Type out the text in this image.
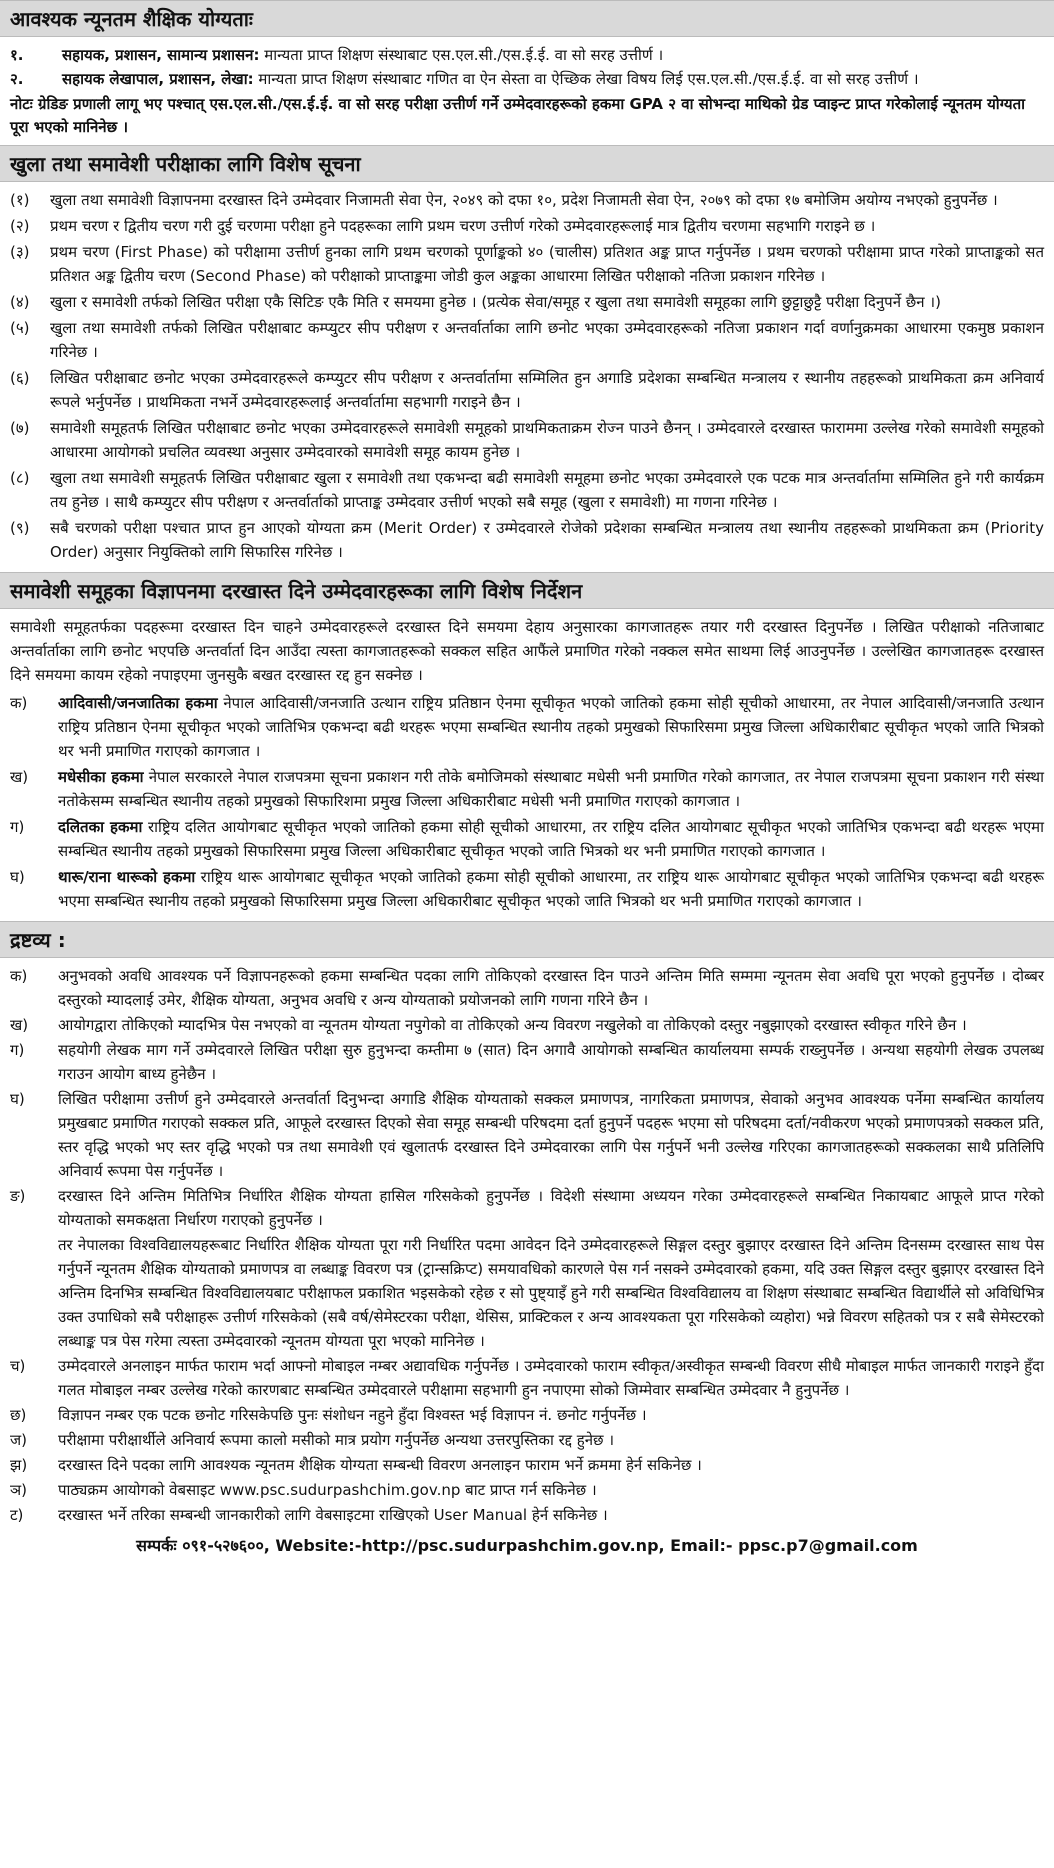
आवश्यक न्यूनतम शैक्षिक योग्यताः
१.	सहायक, प्रशासन, सामान्य प्रशासन: मान्यता प्राप्त शिक्षण संस्थाबाट एस.एल.सी./एस.ई.ई. वा सो सरह उत्तीर्ण ।
२.	सहायक लेखापाल, प्रशासन, लेखा: मान्यता प्राप्त शिक्षण संस्थाबाट गणित वा ऐन सेस्ता वा ऐच्छिक लेखा विषय लिई एस.एल.सी./एस.ई.ई. वा सो सरह उत्तीर्ण ।
नोटः ग्रेडिङ प्रणाली लागू भए पश्चात् एस.एल.सी./एस.ई.ई. वा सो सरह परीक्षा उत्तीर्ण गर्ने उम्मेदवारहरूको हकमा GPA २ वा सोभन्दा माथिको ग्रेड प्वाइन्ट प्राप्त गरेकोलाई न्यूनतम योग्यता पूरा भएको मानिनेछ ।
खुला तथा समावेशी परीक्षाका लागि विशेष सूचना
(१)	खुला तथा समावेशी विज्ञापनमा दरखास्त दिने उम्मेदवार निजामती सेवा ऐन, २०४९ को दफा १०, प्रदेश निजामती सेवा ऐन, २०७९ को दफा १७ बमोजिम अयोग्य नभएको हुनुपर्नेछ ।
(२)	प्रथम चरण र द्वितीय चरण गरी दुई चरणमा परीक्षा हुने पदहरूका लागि प्रथम चरण उत्तीर्ण गरेको उम्मेदवारहरूलाई मात्र द्वितीय चरणमा सहभागि गराइने छ ।
(३)	प्रथम चरण (First Phase) को परीक्षामा उत्तीर्ण हुनका लागि प्रथम चरणको पूर्णाङ्कको ४० (चालीस) प्रतिशत अङ्क प्राप्त गर्नुपर्नेछ । प्रथम चरणको परीक्षामा प्राप्त गरेको प्राप्ताङ्कको सत प्रतिशत अङ्क द्वितीय चरण (Second Phase) को परीक्षाको प्राप्ताङ्कमा जोडी कुल अङ्कका आधारमा लिखित परीक्षाको नतिजा प्रकाशन गरिनेछ ।
(४)	खुला र समावेशी तर्फको लिखित परीक्षा एकै सिटिङ एकै मिति र समयमा हुनेछ । (प्रत्येक सेवा/समूह र खुला तथा समावेशी समूहका लागि छुट्टाछुट्टै परीक्षा दिनुपर्ने छैन ।)
(५)	खुला तथा समावेशी तर्फको लिखित परीक्षाबाट कम्प्युटर सीप परीक्षण र अन्तर्वार्ताका लागि छनोट भएका उम्मेदवारहरूको नतिजा प्रकाशन गर्दा वर्णानुक्रमका आधारमा एकमुष्ठ प्रकाशन गरिनेछ ।
(६)	लिखित परीक्षाबाट छनोट भएका उम्मेदवारहरूले कम्प्युटर सीप परीक्षण र अन्तर्वार्तामा सम्मिलित हुन अगाडि प्रदेशका सम्बन्धित मन्त्रालय र स्थानीय तहहरूको प्राथमिकता क्रम अनिवार्य रूपले भर्नुपर्नेछ । प्राथमिकता नभर्ने उम्मेदवारहरूलाई अन्तर्वार्तामा सहभागी गराइने छैन ।
(७)	समावेशी समूहतर्फ लिखित परीक्षाबाट छनोट भएका उम्मेदवारहरूले समावेशी समूहको प्राथमिकताक्रम रोज्न पाउने छैनन् । उम्मेदवारले दरखास्त फाराममा उल्लेख गरेको समावेशी समूहको आधारमा आयोगको प्रचलित व्यवस्था अनुसार उम्मेदवारको समावेशी समूह कायम हुनेछ ।
(८)	खुला तथा समावेशी समूहतर्फ लिखित परीक्षाबाट खुला र समावेशी तथा एकभन्दा बढी समावेशी समूहमा छनोट भएका उम्मेदवारले एक पटक मात्र अन्तर्वार्तामा सम्मिलित हुने गरी कार्यक्रम तय हुनेछ । साथै कम्प्युटर सीप परीक्षण र अन्तर्वार्ताको प्राप्ताङ्क उम्मेदवार उत्तीर्ण भएको सबै समूह (खुला र समावेशी) मा गणना गरिनेछ ।
(९)	सबै चरणको परीक्षा पश्चात प्राप्त हुन आएको योग्यता क्रम (Merit Order) र उम्मेदवारले रोजेको प्रदेशका सम्बन्धित मन्त्रालय तथा स्थानीय तहहरूको प्राथमिकता क्रम (Priority Order) अनुसार नियुक्तिको लागि सिफारिस गरिनेछ ।
समावेशी समूहका विज्ञापनमा दरखास्त दिने उम्मेदवारहरूका लागि विशेष निर्देशन
समावेशी समूहतर्फका पदहरूमा दरखास्त दिन चाहने उम्मेदवारहरूले दरखास्त दिने समयमा देहाय अनुसारका कागजातहरू तयार गरी दरखास्त दिनुपर्नेछ । लिखित परीक्षाको नतिजाबाट अन्तर्वार्ताका लागि छनोट भएपछि अन्तर्वार्ता दिन आउँदा त्यस्ता कागजातहरूको सक्कल सहित आफैंले प्रमाणित गरेको नक्कल समेत साथमा लिई आउनुपर्नेछ । उल्लेखित कागजातहरू दरखास्त दिने समयमा कायम रहेको नपाइएमा जुनसुकै बखत दरखास्त रद्द हुन सक्नेछ ।
क)	आदिवासी/जनजातिका हकमा नेपाल आदिवासी/जनजाति उत्थान राष्ट्रिय प्रतिष्ठान ऐनमा सूचीकृत भएको जातिको हकमा सोही सूचीको आधारमा, तर नेपाल आदिवासी/जनजाति उत्थान राष्ट्रिय प्रतिष्ठान ऐनमा सूचीकृत भएको जातिभित्र एकभन्दा बढी थरहरू भएमा सम्बन्धित स्थानीय तहको प्रमुखको सिफारिसमा प्रमुख जिल्ला अधिकारीबाट सूचीकृत भएको जाति भित्रको थर भनी प्रमाणित गराएको कागजात ।
ख)	मधेसीका हकमा नेपाल सरकारले नेपाल राजपत्रमा सूचना प्रकाशन गरी तोके बमोजिमको संस्थाबाट मधेसी भनी प्रमाणित गरेको कागजात, तर नेपाल राजपत्रमा सूचना प्रकाशन गरी संस्था नतोकेसम्म सम्बन्धित स्थानीय तहको प्रमुखको सिफारिशमा प्रमुख जिल्ला अधिकारीबाट मधेसी भनी प्रमाणित गराएको कागजात ।
ग)	दलितका हकमा राष्ट्रिय दलित आयोगबाट सूचीकृत भएको जातिको हकमा सोही सूचीको आधारमा, तर राष्ट्रिय दलित आयोगबाट सूचीकृत भएको जातिभित्र एकभन्दा बढी थरहरू भएमा सम्बन्धित स्थानीय तहको प्रमुखको सिफारिसमा प्रमुख जिल्ला अधिकारीबाट सूचीकृत भएको जाति भित्रको थर भनी प्रमाणित गराएको कागजात ।
घ)	थारू/राना थारूको हकमा राष्ट्रिय थारू आयोगबाट सूचीकृत भएको जातिको हकमा सोही सूचीको आधारमा, तर राष्ट्रिय थारू आयोगबाट सूचीकृत भएको जातिभित्र एकभन्दा बढी थरहरू भएमा सम्बन्धित स्थानीय तहको प्रमुखको सिफारिसमा प्रमुख जिल्ला अधिकारीबाट सूचीकृत भएको जाति भित्रको थर भनी प्रमाणित गराएको कागजात ।
द्रष्टव्य :
क)	अनुभवको अवधि आवश्यक पर्ने विज्ञापनहरूको हकमा सम्बन्धित पदका लागि तोकिएको दरखास्त दिन पाउने अन्तिम मिति सम्ममा न्यूनतम सेवा अवधि पूरा भएको हुनुपर्नेछ । दोब्बर दस्तुरको म्यादलाई उमेर, शैक्षिक योग्यता, अनुभव अवधि र अन्य योग्यताको प्रयोजनको लागि गणना गरिने छैन ।
ख)	आयोगद्वारा तोकिएको म्यादभित्र पेस नभएको वा न्यूनतम योग्यता नपुगेको वा तोकिएको अन्य विवरण नखुलेको वा तोकिएको दस्तुर नबुझाएको दरखास्त स्वीकृत गरिने छैन ।
ग)	सहयोगी लेखक माग गर्ने उम्मेदवारले लिखित परीक्षा सुरु हुनुभन्दा कम्तीमा ७ (सात) दिन अगावै आयोगको सम्बन्धित कार्यालयमा सम्पर्क राख्नुपर्नेछ । अन्यथा सहयोगी लेखक उपलब्ध गराउन आयोग बाध्य हुनेछैन ।
घ)	लिखित परीक्षामा उत्तीर्ण हुने उम्मेदवारले अन्तर्वार्ता दिनुभन्दा अगाडि शैक्षिक योग्यताको सक्कल प्रमाणपत्र, नागरिकता प्रमाणपत्र, सेवाको अनुभव आवश्यक पर्नेमा सम्बन्धित कार्यालय प्रमुखबाट प्रमाणित गराएको सक्कल प्रति, आफूले दरखास्त दिएको सेवा समूह सम्बन्धी परिषदमा दर्ता हुनुपर्ने पदहरू भएमा सो परिषदमा दर्ता/नवीकरण भएको प्रमाणपत्रको सक्कल प्रति, स्तर वृद्धि भएको भए स्तर वृद्धि भएको पत्र तथा समावेशी एवं खुलातर्फ दरखास्त दिने उम्मेदवारका लागि पेस गर्नुपर्ने भनी उल्लेख गरिएका कागजातहरूको सक्कलका साथै प्रतिलिपि अनिवार्य रूपमा पेस गर्नुपर्नेछ ।
ङ)	दरखास्त दिने अन्तिम मितिभित्र निर्धारित शैक्षिक योग्यता हासिल गरिसकेको हुनुपर्नेछ । विदेशी संस्थामा अध्ययन गरेका उम्मेदवारहरूले सम्बन्धित निकायबाट आफूले प्राप्त गरेको योग्यताको समकक्षता निर्धारण गराएको हुनुपर्नेछ ।
तर नेपालका विश्वविद्यालयहरूबाट निर्धारित शैक्षिक योग्यता पूरा गरी निर्धारित पदमा आवेदन दिने उम्मेदवारहरूले सिङ्गल दस्तुर बुझाएर दरखास्त दिने अन्तिम दिनसम्म दरखास्त साथ पेस गर्नुपर्ने न्यूनतम शैक्षिक योग्यताको प्रमाणपत्र वा लब्धाङ्क विवरण पत्र (ट्रान्सक्रिप्ट) समयावधिको कारणले पेस गर्न नसक्ने उम्मेदवारको हकमा, यदि उक्त सिङ्गल दस्तुर बुझाएर दरखास्त दिने अन्तिम दिनभित्र सम्बन्धित विश्वविद्यालयबाट परीक्षाफल प्रकाशित भइसकेको रहेछ र सो पुष्ट्याइँ हुने गरी सम्बन्धित विश्वविद्यालय वा शिक्षण संस्थाबाट सम्बन्धित विद्यार्थीले सो अविधिभित्र उक्त उपाधिको सबै परीक्षाहरू उत्तीर्ण गरिसकेको (सबै वर्ष/सेमेस्टरका परीक्षा, थेसिस, प्राक्टिकल र अन्य आवश्यकता पूरा गरिसकेको व्यहोरा) भन्ने विवरण सहितको पत्र र सबै सेमेस्टरको लब्धाङ्क पत्र पेस गरेमा त्यस्ता उम्मेदवारको न्यूनतम योग्यता पूरा भएको मानिनेछ ।
च)	उम्मेदवारले अनलाइन मार्फत फाराम भर्दा आफ्नो मोबाइल नम्बर अद्यावधिक गर्नुपर्नेछ । उम्मेदवारको फाराम स्वीकृत/अस्वीकृत सम्बन्धी विवरण सीधै मोबाइल मार्फत जानकारी गराइने हुँदा गलत मोबाइल नम्बर उल्लेख गरेको कारणबाट सम्बन्धित उम्मेदवारले परीक्षामा सहभागी हुन नपाएमा सोको जिम्मेवार सम्बन्धित उम्मेदवार नै हुनुपर्नेछ ।
छ)	विज्ञापन नम्बर एक पटक छनोट गरिसकेपछि पुनः संशोधन नहुने हुँदा विश्वस्त भई विज्ञापन नं. छनोट गर्नुपर्नेछ ।
ज)	परीक्षामा परीक्षार्थीले अनिवार्य रूपमा कालो मसीको मात्र प्रयोग गर्नुपर्नेछ अन्यथा उत्तरपुस्तिका रद्द हुनेछ ।
झ)	दरखास्त दिने पदका लागि आवश्यक न्यूनतम शैक्षिक योग्यता सम्बन्धी विवरण अनलाइन फाराम भर्ने क्रममा हेर्न सकिनेछ ।
ञ)	पाठ्यक्रम आयोगको वेबसाइट www.psc.sudurpashchim.gov.np बाट प्राप्त गर्न सकिनेछ ।
ट)	दरखास्त भर्ने तरिका सम्बन्धी जानकारीको लागि वेबसाइटमा राखिएको User Manual हेर्न सकिनेछ ।
सम्पर्कः ०९१-५२७६००, Website:-http://psc.sudurpashchim.gov.np, Email:- ppsc.p7@gmail.com
